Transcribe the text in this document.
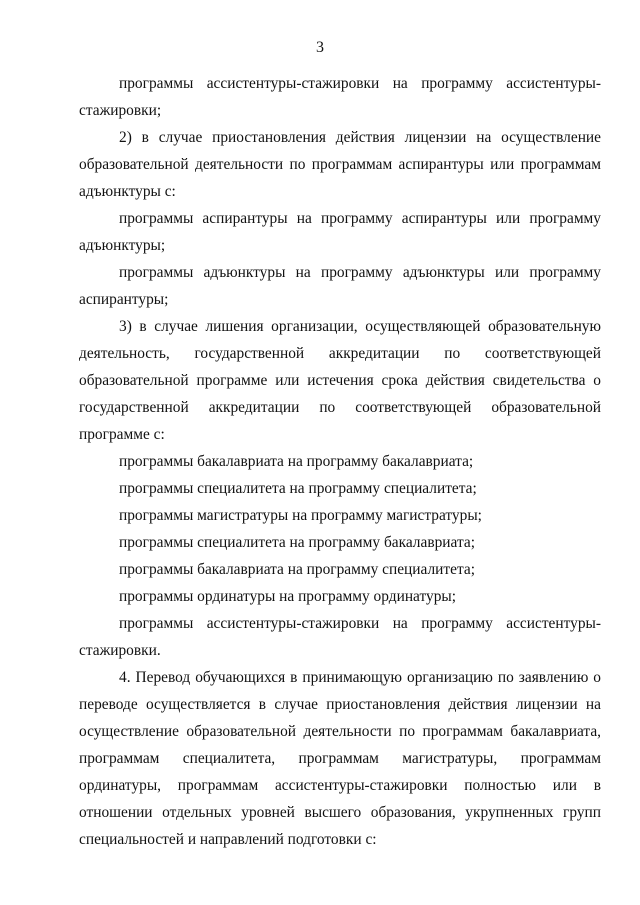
3

программы ассистентуры-стажировки на программу ассистентуры-стажировки;

2) в случае приостановления действия лицензии на осуществление образовательной деятельности по программам аспирантуры или программам адъюнктуры с:

программы аспирантуры на программу аспирантуры или программу адъюнктуры;

программы адъюнктуры на программу адъюнктуры или программу аспирантуры;

3) в случае лишения организации, осуществляющей образовательную деятельность, государственной аккредитации по соответствующей образовательной программе или истечения срока действия свидетельства о государственной аккредитации по соответствующей образовательной программе с:

программы бакалавриата на программу бакалавриата;

программы специалитета на программу специалитета;

программы магистратуры на программу магистратуры;

программы специалитета на программу бакалавриата;

программы бакалавриата на программу специалитета;

программы ординатуры на программу ординатуры;

программы ассистентуры-стажировки на программу ассистентуры-стажировки.

4. Перевод обучающихся в принимающую организацию по заявлению о переводе осуществляется в случае приостановления действия лицензии на осуществление образовательной деятельности по программам бакалавриата, программам специалитета, программам магистратуры, программам ординатуры, программам ассистентуры-стажировки полностью или в отношении отдельных уровней высшего образования, укрупненных групп специальностей и направлений подготовки с:
